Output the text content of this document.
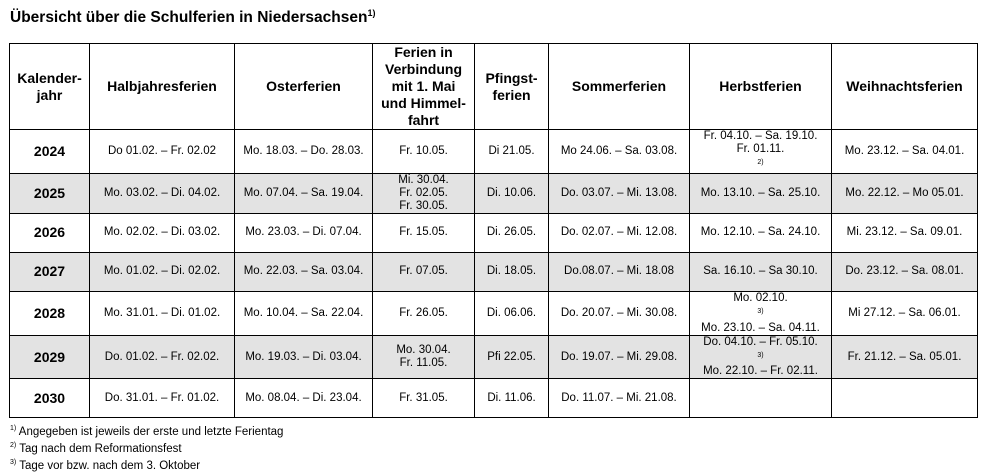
Übersicht über die Schulferien in Niedersachsen$^{1)}$
Kalender-
jahr	Halbjahresferien	Osterferien	Ferien in
Verbindung
mit 1. Mai
und Himmel-
fahrt	Pfingst-
ferien	Sommerferien	Herbstferien	Weihnachtsferien

2024	Do 01.02. – Fr. 02.02	Mo. 18.03. – Do. 28.03.	Fr. 10.05.	Di 21.05.	Mo 24.06. – Sa. 03.08.	Fr. 04.10. – Sa. 19.10.
Fr. 01.11.
$^{2)}$	Mo. 23.12. – Sa. 04.01.

2025	Mo. 03.02. – Di. 04.02.	Mo. 07.04. – Sa. 19.04.	Mi. 30.04.
Fr. 02.05.
Fr. 30.05.	Di. 10.06.	Do. 03.07. – Mi. 13.08.	Mo. 13.10. – Sa. 25.10.	Mo. 22.12. – Mo 05.01.

2026	Mo. 02.02. – Di. 03.02.	Mo. 23.03. – Di. 07.04.	Fr. 15.05.	Di. 26.05.	Do. 02.07. – Mi. 12.08.	Mo. 12.10. – Sa. 24.10.	Mi. 23.12. – Sa. 09.01.

2027	Mo. 01.02. – Di. 02.02.	Mo. 22.03. – Sa. 03.04.	Fr. 07.05.	Di. 18.05.	Do.08.07. – Mi. 18.08	Sa. 16.10. – Sa 30.10.	Do. 23.12. – Sa. 08.01.

2028	Mo. 31.01. – Di. 01.02.	Mo. 10.04. – Sa. 22.04.	Fr. 26.05.	Di. 06.06.	Do. 20.07. – Mi. 30.08.	Mo. 02.10.
$^{3)}$
Mo. 23.10. – Sa. 04.11.	Mi 27.12. – Sa. 06.01.

2029	Do. 01.02. – Fr. 02.02.	Mo. 19.03. – Di. 03.04.	Mo. 30.04.
Fr. 11.05.	Pfi 22.05.	Do. 19.07. – Mi. 29.08.	Do. 04.10. – Fr. 05.10.
$^{3)}$
Mo. 22.10. – Fr. 02.11.	Fr. 21.12. – Sa. 05.01.

2030	Do. 31.01. – Fr. 01.02.	Mo. 08.04. – Di. 23.04.	Fr. 31.05.	Di. 11.06.	Do. 11.07. – Mi. 21.08.		

$^{1)}$ Angegeben ist jeweils der erste und letzte Ferientag
$^{2)}$ Tag nach dem Reformationsfest
$^{3)}$ Tage vor bzw. nach dem 3. Oktober
